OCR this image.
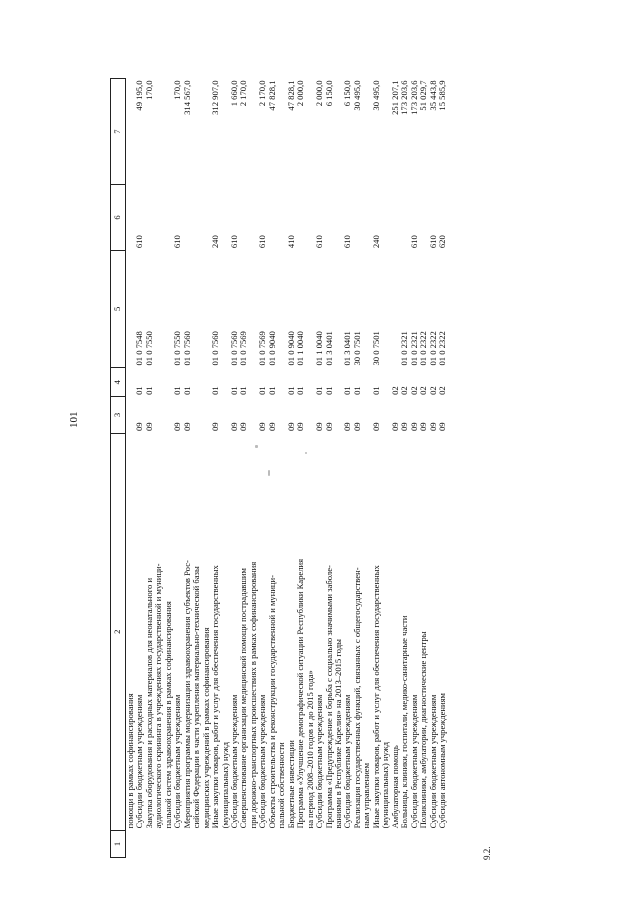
101
9.2.
1	2	3	4	5	6	7
	помощи в рамках софинансирования					
	Субсидии бюджетным учреждениям	09	01	01 0 7548	610	49 195,0
	Закупка оборудования и расходных материалов для неонатального и	09	01	01 0 7550		170,0
	аудиологического скрининга в учреждениях государственной и муници-					
	пальной систем здравоохранения в рамках софинансирования					
	Субсидии бюджетным учреждениям	09	01	01 0 7550	610	170,0
	Мероприятия программы модернизации здравоохранения субъектов Рос-	09	01	01 0 7560		314 567,0
	сийской Федерации в части укрепления материально-технической базы					
	медицинских учреждений в рамках софинансирования					
	Иные закупки товаров, работ и услуг для обеспечения государственных	09	01	01 0 7560	240	312 907,0
	(муниципальных) нужд					
	Субсидии бюджетным учреждениям	09	01	01 0 7560	610	1 660,0
	Совершенствование организации медицинской помощи пострадавшим	09	01	01 0 7569		2 170,0
	при дорожно-транспортных происшествиях в рамках софинансирования					
	Субсидии бюджетным учреждениям	09	01	01 0 7569	610	2 170,0
	Объекты строительства и реконструкции государственной и муници-	09	01	01 0 9040		47 828,1
	пальной собственности					
	Бюджетные инвестиции	09	01	01 0 9040	410	47 828,1
	Программа «Улучшение демографической ситуации Республики Карелия	09	01	01 1 0040		2 000,0
	на период 2008–2010 годов и до 2015 года»					
	Субсидии бюджетным учреждениям	09	01	01 1 0040	610	2 000,0
	Программа «Предупреждение и борьба с социально значимыми заболе-	09	01	01 3 0401		6 150,0
	ваниями в Республике Карелия» на 2013–2015 годы					
	Субсидии бюджетным учреждениям	09	01	01 3 0401	610	6 150,0
	Реализация государственных функций, связанных с общегосударствен-	09	01	30 0 7501		30 495,0
	ным управлением					
	Иные закупки товаров, работ и услуг для обеспечения государственных	09	01	30 0 7501	240	30 495,0
	(муниципальных) нужд					
	Амбулаторная помощь	09	02			251 207,1
	Больницы, клиники, госпитали, медико-санитарные части	09	02	01 0 2321		173 203,6
	Субсидии бюджетным учреждениям	09	02	01 0 2321	610	173 203,6
	Поликлиники, амбулатории, диагностические центры	09	02	01 0 2322		51 029,7
	Субсидии бюджетным учреждениям	09	02	01 0 2322	610	35 443,8
	Субсидии автономным учреждениям	09	02	01 0 2322	620	15 585,9
